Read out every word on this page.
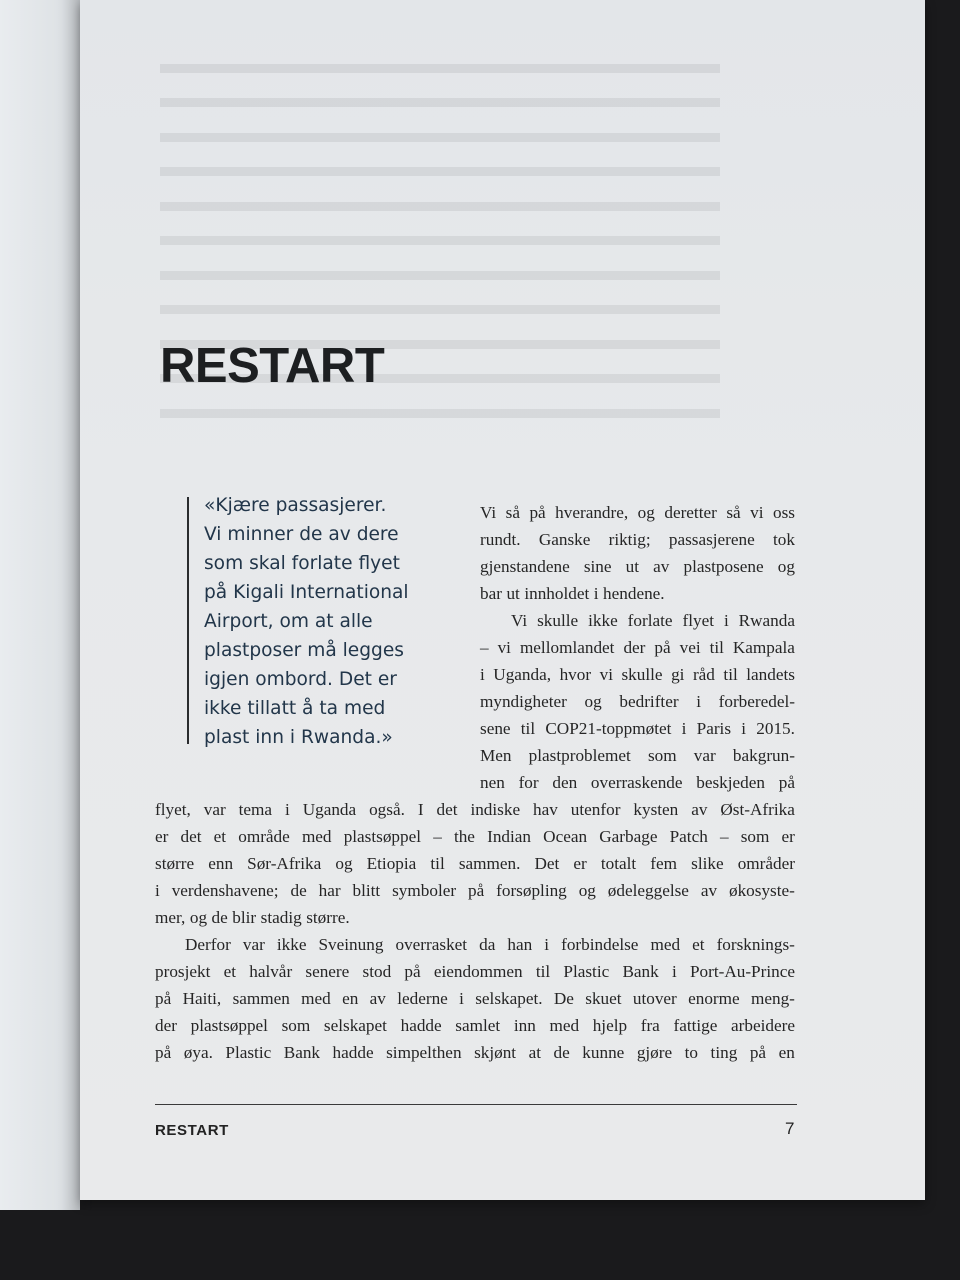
RESTART
«Kjære passasjerer.
Vi minner de av dere
som skal forlate flyet
på Kigali International
Airport, om at alle
plastposer må legges
igjen ombord. Det er
ikke tillatt å ta med
plast inn i Rwanda.»
Vi så på hverandre, og deretter så vi oss
rundt. Ganske riktig; passasjerene tok
gjenstandene sine ut av plastposene og
bar ut innholdet i hendene.
Vi skulle ikke forlate flyet i Rwanda
– vi mellomlandet der på vei til Kampala
i Uganda, hvor vi skulle gi råd til landets
myndigheter og bedrifter i forberedel-
sene til COP21-toppmøtet i Paris i 2015.
Men plastproblemet som var bakgrun-
nen for den overraskende beskjeden på
flyet, var tema i Uganda også. I det indiske hav utenfor kysten av Øst-Afrika
er det et område med plastsøppel – the Indian Ocean Garbage Patch – som er
større enn Sør-Afrika og Etiopia til sammen. Det er totalt fem slike områder
i verdenshavene; de har blitt symboler på forsøpling og ødeleggelse av økosyste-
mer, og de blir stadig større.
Derfor var ikke Sveinung overrasket da han i forbindelse med et forsknings-
prosjekt et halvår senere stod på eiendommen til Plastic Bank i Port-Au-Prince
på Haiti, sammen med en av lederne i selskapet. De skuet utover enorme meng-
der plastsøppel som selskapet hadde samlet inn med hjelp fra fattige arbeidere
på øya. Plastic Bank hadde simpelthen skjønt at de kunne gjøre to ting på en
RESTART	7
